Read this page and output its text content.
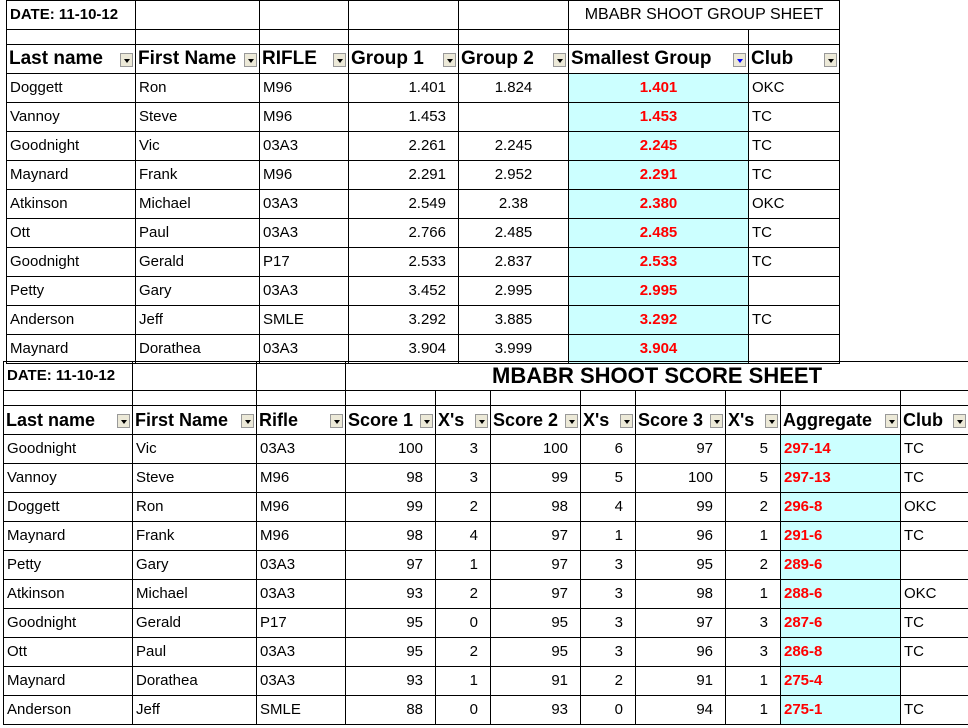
DATE: 11-10-12					MBABR SHOOT GROUP SHEET	

Last name	First Name	RIFLE	Group 1	Group 2	Smallest Group	Club

Doggett	Ron	M96	1.401	1.824	1.401	OKC
Vannoy	Steve	M96	1.453		1.453	TC
Goodnight	Vic	03A3	2.261	2.245	2.245	TC
Maynard	Frank	M96	2.291	2.952	2.291	TC
Atkinson	Michael	03A3	2.549	2.38	2.380	OKC
Ott	Paul	03A3	2.766	2.485	2.485	TC
Goodnight	Gerald	P17	2.533	2.837	2.533	TC
Petty	Gary	03A3	3.452	2.995	2.995	
Anderson	Jeff	SMLE	3.292	3.885	3.292	TC
Maynard	Dorathea	03A3	3.904	3.999	3.904	
DATE: 11-10-12			MBABR SHOOT SCORE SHEET							

Last name	First Name	Rifle	Score 1	X's	Score 2	X's	Score 3	X's	Aggregate	Club

Goodnight	Vic	03A3	100	3	100	6	97	5	297-14	TC
Vannoy	Steve	M96	98	3	99	5	100	5	297-13	TC
Doggett	Ron	M96	99	2	98	4	99	2	296-8	OKC
Maynard	Frank	M96	98	4	97	1	96	1	291-6	TC
Petty	Gary	03A3	97	1	97	3	95	2	289-6	
Atkinson	Michael	03A3	93	2	97	3	98	1	288-6	OKC
Goodnight	Gerald	P17	95	0	95	3	97	3	287-6	TC
Ott	Paul	03A3	95	2	95	3	96	3	286-8	TC
Maynard	Dorathea	03A3	93	1	91	2	91	1	275-4	
Anderson	Jeff	SMLE	88	0	93	0	94	1	275-1	TC
